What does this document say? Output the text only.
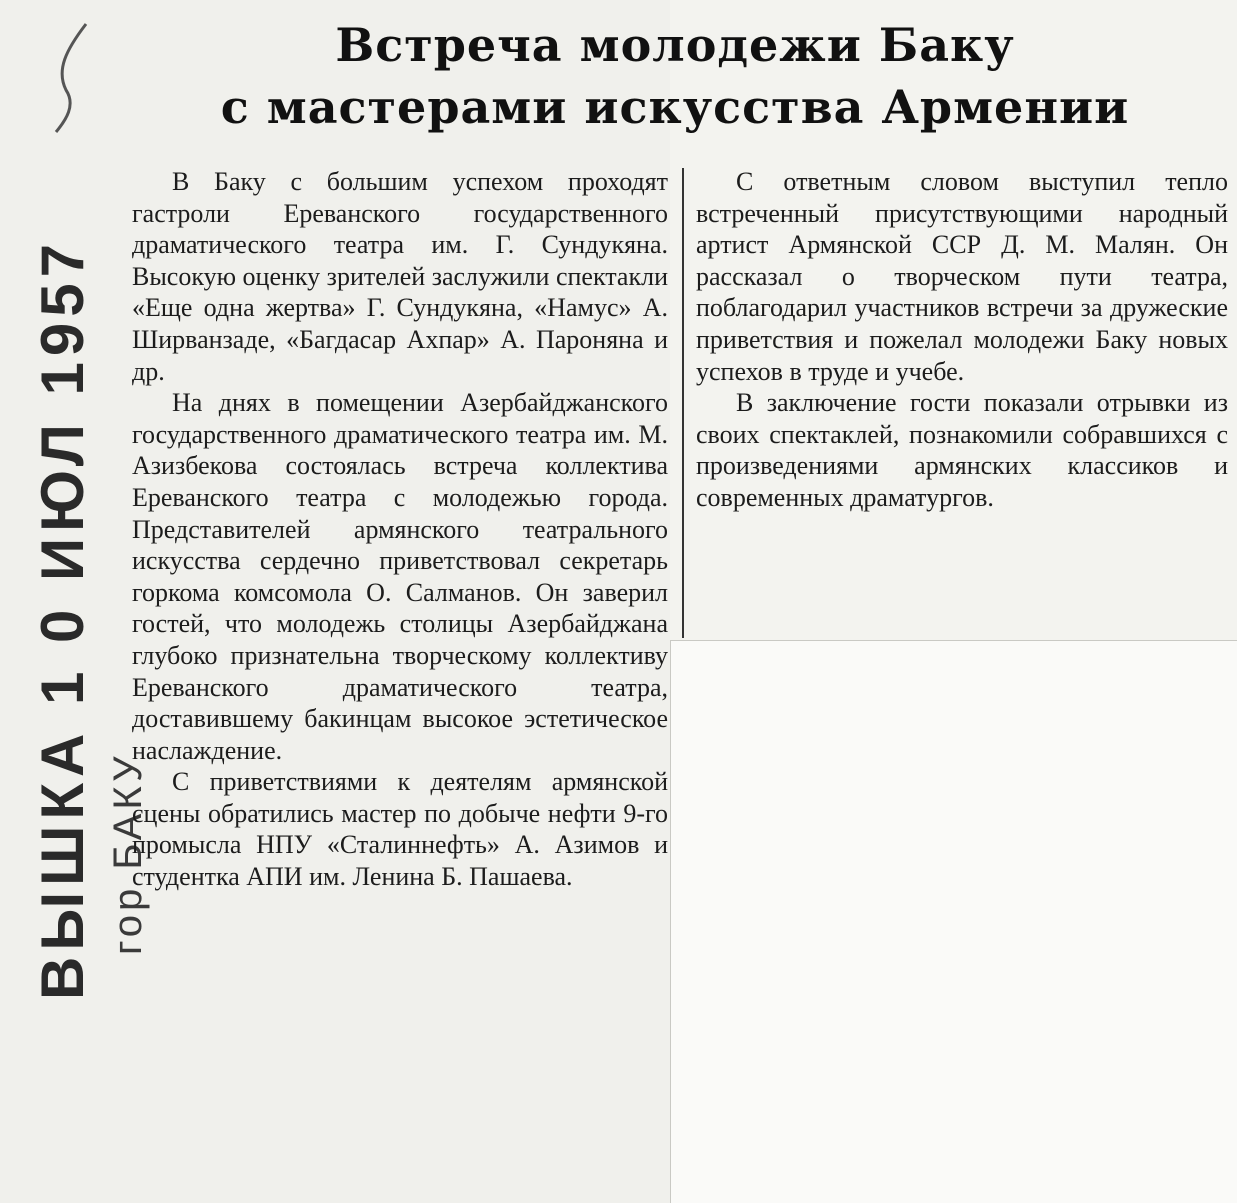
ВЫШКА 1 0 ИЮЛ 1957 гор БАКУ
Встреча молодежи Баку
с мастерами искусства Армении

В Баку с большим успехом проходят гастроли Ереванского государственного драматического театра им. Г. Сундукяна. Высокую оценку зрителей заслужили спектакли «Еще одна жертва» Г. Сундукяна, «Намус» А. Ширванзаде, «Багдасар Ахпар» А. Пароняна и др.

На днях в помещении Азербайджанского государственного драматического театра им. М. Азизбекова состоялась встреча коллектива Ереванского театра с молодежью города. Представителей армянского театрального искусства сердечно приветствовал секретарь горкома комсомола О. Салманов. Он заверил гостей, что молодежь столицы Азербайджана глубоко признательна творческому коллективу Ереванского драматического театра, доставившему бакинцам высокое эстетическое наслаждение.

С приветствиями к деятелям армянской сцены обратились мастер по добыче нефти 9-го промысла НПУ «Сталиннефть» А. Азимов и студентка АПИ им. Ленина Б. Пашаева.

С ответным словом выступил тепло встреченный присутствующими народный артист Армянской ССР Д. М. Малян. Он рассказал о творческом пути театра, поблагодарил участников встречи за дружеские приветствия и пожелал молодежи Баку новых успехов в труде и учебе.

В заключение гости показали отрывки из своих спектаклей, познакомили собравшихся с произведениями армянских классиков и современных драматургов.
